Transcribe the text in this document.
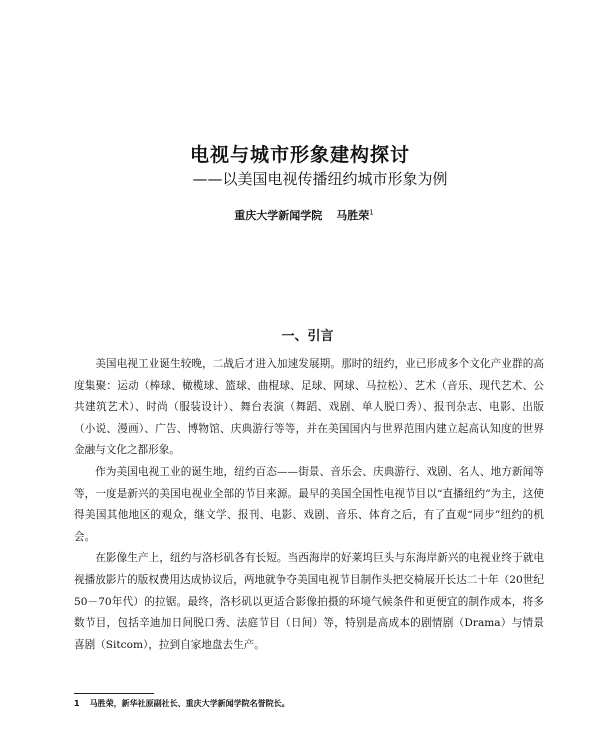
电视与城市形象建构探讨
——以美国电视传播纽约城市形象为例
重庆大学新闻学院 马胜荣$^1$
一、引言

美国电视工业诞生较晚，二战后才进入加速发展期。那时的纽约，业已形成多个文化产业群的高度集聚：运动（棒球、橄榄球、篮球、曲棍球、足球、网球、马拉松）、艺术（音乐、现代艺术、公共建筑艺术）、时尚（服装设计）、舞台表演（舞蹈、戏剧、单人脱口秀）、报刊杂志、电影、出版（小说、漫画）、广告、博物馆、庆典游行等等，并在美国国内与世界范围内建立起高认知度的世界金融与文化之都形象。

作为美国电视工业的诞生地，纽约百态——街景、音乐会、庆典游行、戏剧、名人、地方新闻等等，一度是新兴的美国电视业全部的节目来源。最早的美国全国性电视节目以“直播纽约”为主，这使得美国其他地区的观众，继文学、报刊、电影、戏剧、音乐、体育之后，有了直观“同步”纽约的机会。

在影像生产上，纽约与洛杉矶各有长短。当西海岸的好莱坞巨头与东海岸新兴的电视业终于就电视播放影片的版权费用达成协议后，两地就争夺美国电视节目制作头把交椅展开长达二十年（20世纪50－70年代）的拉锯。最终，洛杉矶以更适合影像拍摄的环境气候条件和更便宜的制作成本，将多数节目，包括辛迪加日间脱口秀、法庭节目（日间）等，特别是高成本的剧情剧（Drama）与情景喜剧（Sitcom），拉到自家地盘去生产。

1 马胜荣，新华社原副社长、重庆大学新闻学院名誉院长。
